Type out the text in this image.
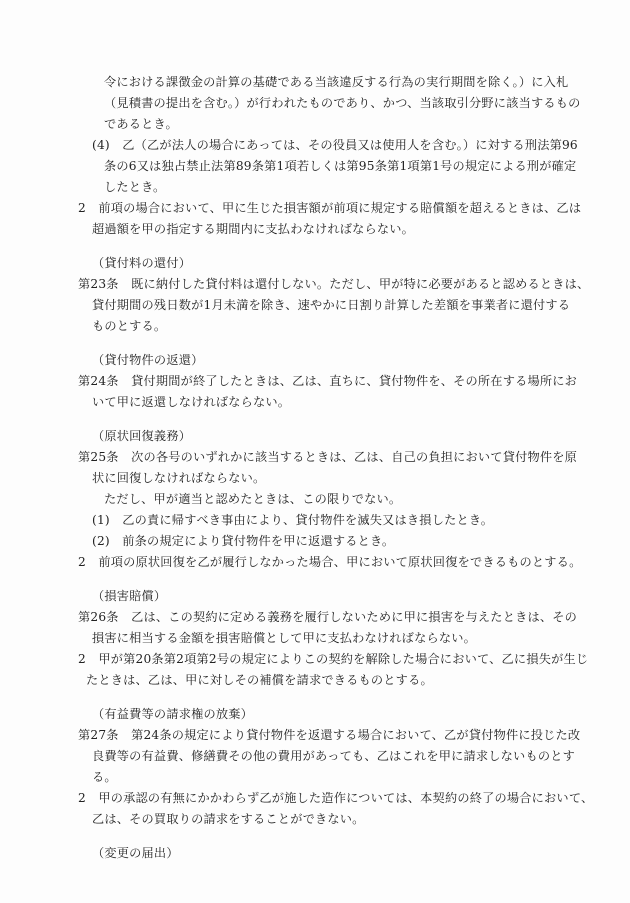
令における課徴金の計算の基礎である当該違反する行為の実行期間を除く。）に入札
（見積書の提出を含む。）が行われたものであり、かつ、当該取引分野に該当するもの
であるとき。
(4)　乙（乙が法人の場合にあっては、その役員又は使用人を含む。）に対する刑法第96
条の6又は独占禁止法第89条第1項若しくは第95条第1項第1号の規定による刑が確定
したとき。
2　前項の場合において、甲に生じた損害額が前項に規定する賠償額を超えるときは、乙は
超過額を甲の指定する期間内に支払わなければならない。
（貸付料の還付）
第23条　既に納付した貸付料は還付しない。ただし、甲が特に必要があると認めるときは、
貸付期間の残日数が1月未満を除き、速やかに日割り計算した差額を事業者に還付する
ものとする。
（貸付物件の返還）
第24条　貸付期間が終了したときは、乙は、直ちに、貸付物件を、その所在する場所にお
いて甲に返還しなければならない。
（原状回復義務）
第25条　次の各号のいずれかに該当するときは、乙は、自己の負担において貸付物件を原
状に回復しなければならない。
ただし、甲が適当と認めたときは、この限りでない。
(1)　乙の責に帰すべき事由により、貸付物件を滅失又はき損したとき。
(2)　前条の規定により貸付物件を甲に返還するとき。
2　前項の原状回復を乙が履行しなかった場合、甲において原状回復をできるものとする。
（損害賠償）
第26条　乙は、この契約に定める義務を履行しないために甲に損害を与えたときは、その
損害に相当する金額を損害賠償として甲に支払わなければならない。
2　甲が第20条第2項第2号の規定によりこの契約を解除した場合において、乙に損失が生じ
たときは、乙は、甲に対しその補償を請求できるものとする。
（有益費等の請求権の放棄）
第27条　第24条の規定により貸付物件を返還する場合において、乙が貸付物件に投じた改
良費等の有益費、修繕費その他の費用があっても、乙はこれを甲に請求しないものとす
る。
2　甲の承認の有無にかかわらず乙が施した造作については、本契約の終了の場合において、
乙は、その買取りの請求をすることができない。
（変更の届出）
